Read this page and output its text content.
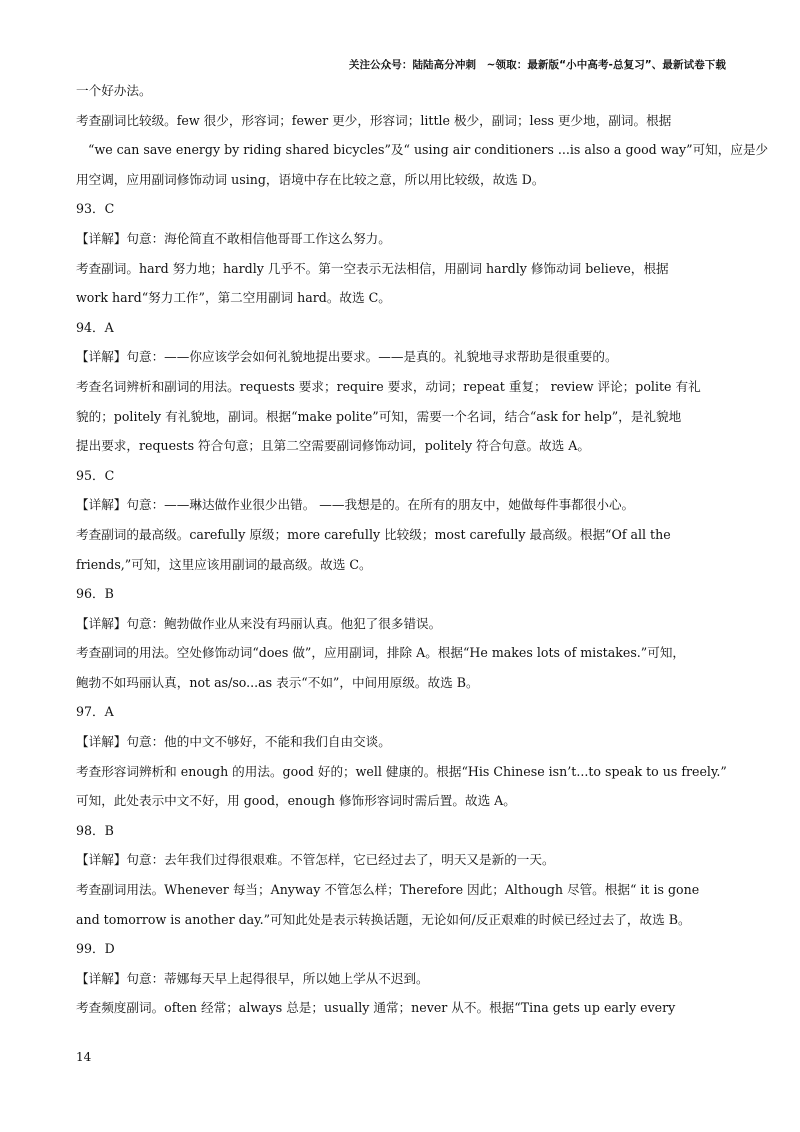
关注公众号：陆陆高分冲刺　~领取：最新版“小中高考-总复习”、最新试卷下载
一个好办法。
考查副词比较级。few 很少，形容词；fewer 更少，形容词；little 极少，副词；less 更少地，副词。根据
“we can save energy by riding shared bicycles”及“ using air conditioners ...is also a good way”可知，应是少
用空调，应用副词修饰动词 using，语境中存在比较之意，所以用比较级，故选 D。
93．C
【详解】句意：海伦简直不敢相信他哥哥工作这么努力。
考查副词。hard 努力地；hardly 几乎不。第一空表示无法相信，用副词 hardly 修饰动词 believe，根据
work hard“努力工作”，第二空用副词 hard。故选 C。
94．A
【详解】句意：——你应该学会如何礼貌地提出要求。——是真的。礼貌地寻求帮助是很重要的。
考查名词辨析和副词的用法。requests 要求；require 要求，动词；repeat 重复； review 评论；polite 有礼
貌的；politely 有礼貌地，副词。根据“make polite”可知，需要一个名词，结合“ask for help”，是礼貌地
提出要求，requests 符合句意；且第二空需要副词修饰动词，politely 符合句意。故选 A。
95．C
【详解】句意：——琳达做作业很少出错。 ——我想是的。在所有的朋友中，她做每件事都很小心。
考查副词的最高级。carefully 原级；more carefully 比较级；most carefully 最高级。根据“Of all the
friends,”可知，这里应该用副词的最高级。故选 C。
96．B
【详解】句意：鲍勃做作业从来没有玛丽认真。他犯了很多错误。
考查副词的用法。空处修饰动词“does 做”，应用副词，排除 A。根据“He makes lots of mistakes.”可知，
鲍勃不如玛丽认真，not as/so...as 表示“不如”，中间用原级。故选 B。
97．A
【详解】句意：他的中文不够好，不能和我们自由交谈。
考查形容词辨析和 enough 的用法。good 好的；well 健康的。根据“His Chinese isn’t...to speak to us freely.”
可知，此处表示中文不好，用 good，enough 修饰形容词时需后置。故选 A。
98．B
【详解】句意：去年我们过得很艰难。不管怎样，它已经过去了，明天又是新的一天。
考查副词用法。Whenever 每当；Anyway 不管怎么样；Therefore 因此；Although 尽管。根据“ it is gone
and tomorrow is another day.”可知此处是表示转换话题，无论如何/反正艰难的时候已经过去了，故选 B。
99．D
【详解】句意：蒂娜每天早上起得很早，所以她上学从不迟到。
考查频度副词。often 经常；always 总是；usually 通常；never 从不。根据“Tina gets up early every
14
